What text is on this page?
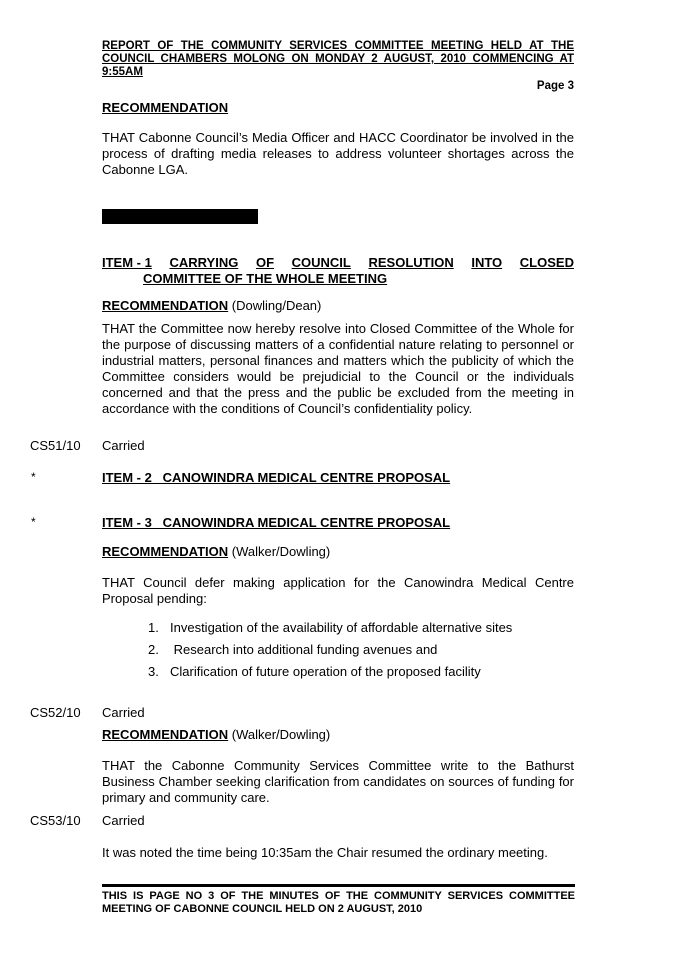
REPORT OF THE COMMUNITY SERVICES COMMITTEE MEETING HELD AT THE COUNCIL CHAMBERS MOLONG ON MONDAY 2 AUGUST, 2010 COMMENCING AT 9:55AM
Page 3
RECOMMENDATION
THAT Cabonne Council’s Media Officer and HACC Coordinator be involved in the process of drafting media releases to address volunteer shortages across the Cabonne LGA.
ITEM - 1 CARRYING OF COUNCIL RESOLUTION INTO CLOSED
COMMITTEE OF THE WHOLE MEETING
RECOMMENDATION (Dowling/Dean)
THAT the Committee now hereby resolve into Closed Committee of the Whole for the purpose of discussing matters of a confidential nature relating to personnel or industrial matters, personal finances and matters which the publicity of which the Committee considers would be prejudicial to the Council or the individuals concerned and that the press and the public be excluded from the meeting in accordance with the conditions of Council’s confidentiality policy.
CS51/10 Carried
*	ITEM - 2   CANOWINDRA MEDICAL CENTRE PROPOSAL
*	ITEM - 3   CANOWINDRA MEDICAL CENTRE PROPOSAL
RECOMMENDATION (Walker/Dowling)
THAT Council defer making application for the Canowindra Medical Centre Proposal pending:
1. Investigation of the availability of affordable alternative sites
2. Research into additional funding avenues and
3. Clarification of future operation of the proposed facility
CS52/10 Carried
RECOMMENDATION (Walker/Dowling)
THAT the Cabonne Community Services Committee write to the Bathurst Business Chamber seeking clarification from candidates on sources of funding for primary and community care.
CS53/10 Carried
It was noted the time being 10:35am the Chair resumed the ordinary meeting.
THIS IS PAGE NO 3 OF THE MINUTES OF THE COMMUNITY SERVICES COMMITTEE MEETING OF CABONNE COUNCIL HELD ON 2 AUGUST, 2010
